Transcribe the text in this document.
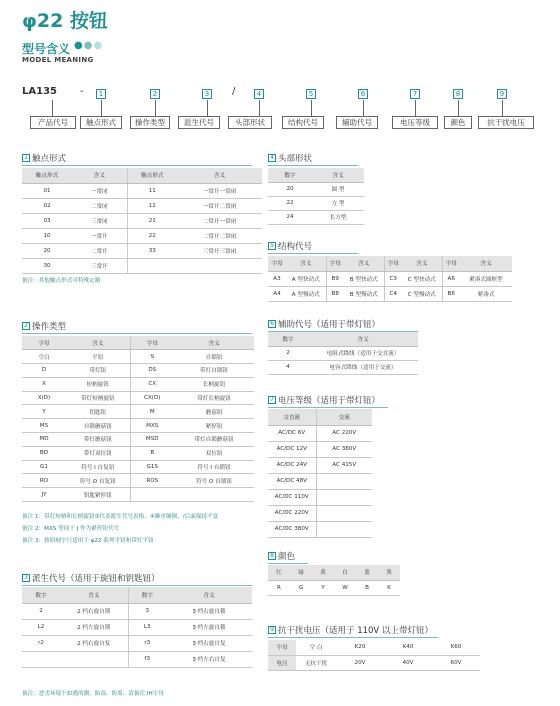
φ22 按钮
型号含义 ●●●
MODEL MEANING
LA135 -	/
1	2	3	4	5	6	7	8	9
产品代号	触点形式	操作类型	派生代号	头部形状	结构代号	辅助代号	电压等级	颜色	抗干扰电压
1 触点形式
触点形式	含义	触点形式	含义
01	一常闭	11	一常开一常闭
02	二常闭	12	一常开二常闭
03	三常闭	21	二常开一常闭
10	一常开	22	二常开二常闭
20	二常开	33	三常开三常闭
30	三常开		
备注：其他触点形式可特殊定制
2 操作类型
字母	含义	字母	含义
空白	平钮	S	自锁钮
D	带灯钮	DS	带灯自锁钮
X	短柄旋钮	CX	长柄旋钮
X(D)	带灯短柄旋钮	CX(D)	带灯长柄旋钮
Y	钥匙钮	M	蘑菇钮
MS	自锁蘑菇钮	MXS	紧停钮
MD	带灯蘑菇钮	MSD	带灯自锁蘑菇钮
BD	带灯双位钮	B	双位钮
G1	符号 I 自复钮	G1S	符号 I 自锁钮
RO	符号 O 自复钮	ROS	符号 O 自锁钮
JY	钥匙紧停钮		
备注 1：带灯短柄和长柄旋钮③代表派生代号表格，④顺序颠倒，/后面保持不变
备注 2：MXS 等同于 J 作为紧停钮代号
备注 3：按钮刻字只适用于 φ22 系列平钮和带灯平钮
3 派生代号（适用于旋钮和钥匙钮）
数字	含义	数字	含义
2	2 档右旋自锁	3	3 档右旋自锁
L2	2 档左旋自锁	L3	3 档左旋自锁
r2	2 档右旋自复	r3	3 档右旋自复
		f3	3 档左右自复
备注：恶劣环境下如遇的潮、防湿、防雾、请备注 IH字母
4 头部形状
数字	含义
20	圆 型
22	方 型
24	长方型
5 结构代号
字母	含义	字母	含义	字母	含义	字母	含义
A3	A 型快动式	B9	B 型快动式	C3	C 型快动式	A6	紧凑式圆框型
A4	A 型慢动式	B8	B 型慢动式	C4	C 型慢动式	B6	紧凑式
6 辅助代号（适用于带灯钮）
数字	含义
2	电阻式降线（适用于交直流）
4	电容式降线（适用于交流）
7 电压等级（适用于带灯钮）
交直流	交流
AC/DC 6V	AC 220V
AC/DC 12V	AC 380V
AC/DC 24V	AC 415V
AC/DC 48V	
AC/DC 110V	
AC/DC 220V	
AC/DC 380V	
8 颜色
红	绿	黄	白	蓝	黑
R	G	Y	W	B	K
9 抗干扰电压（适用于 110V 以上带灯钮）
字母	空 白	K20	K40	K60
电压	无抗干扰	20V	40V	60V
